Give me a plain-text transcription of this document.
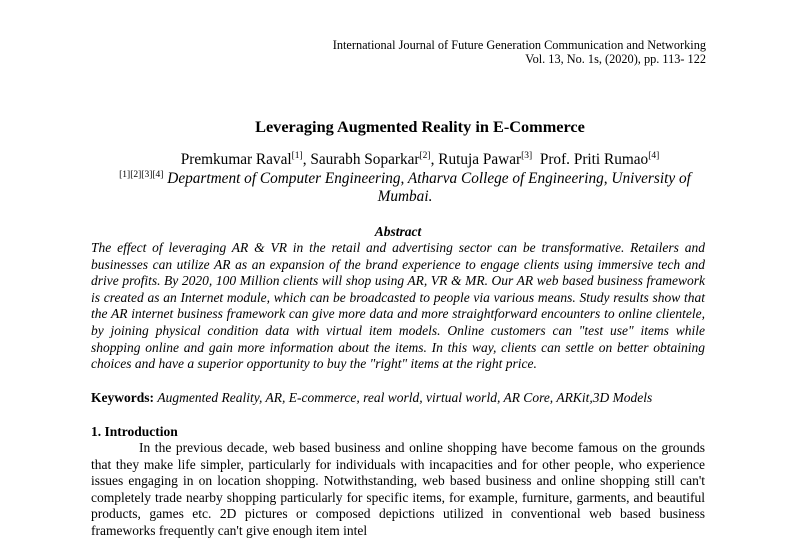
International Journal of Future Generation Communication and Networking
Vol. 13, No. 1s, (2020), pp. 113- 122
Leveraging Augmented Reality in E-Commerce
Premkumar Raval[1], Saurabh Soparkar[2], Rutuja Pawar[3] Prof. Priti Rumao[4]
[1][2][3][4] Department of Computer Engineering, Atharva College of Engineering, University of Mumbai.
Abstract
The effect of leveraging AR & VR in the retail and advertising sector can be transformative. Retailers and businesses can utilize AR as an expansion of the brand experience to engage clients using immersive tech and drive profits. By 2020, 100 Million clients will shop using AR, VR & MR. Our AR web based business framework is created as an Internet module, which can be broadcasted to people via various means. Study results show that the AR internet business framework can give more data and more straightforward encounters to online clientele, by joining physical condition data with virtual item models. Online customers can "test use" items while shopping online and gain more information about the items. In this way, clients can settle on better obtaining choices and have a superior opportunity to buy the "right" items at the right price.
Keywords: Augmented Reality, AR, E-commerce, real world, virtual world, AR Core, ARKit,3D Models
1. Introduction
In the previous decade, web based business and online shopping have become famous on the grounds that they make life simpler, particularly for individuals with incapacities and for other people, who experience issues engaging in on location shopping. Notwithstanding, web based business and online shopping still can't completely trade nearby shopping particularly for specific items, for example, furniture, garments, and beautiful products, games etc. 2D pictures or composed depictions utilized in conventional web based business frameworks frequently can't give enough item intel
